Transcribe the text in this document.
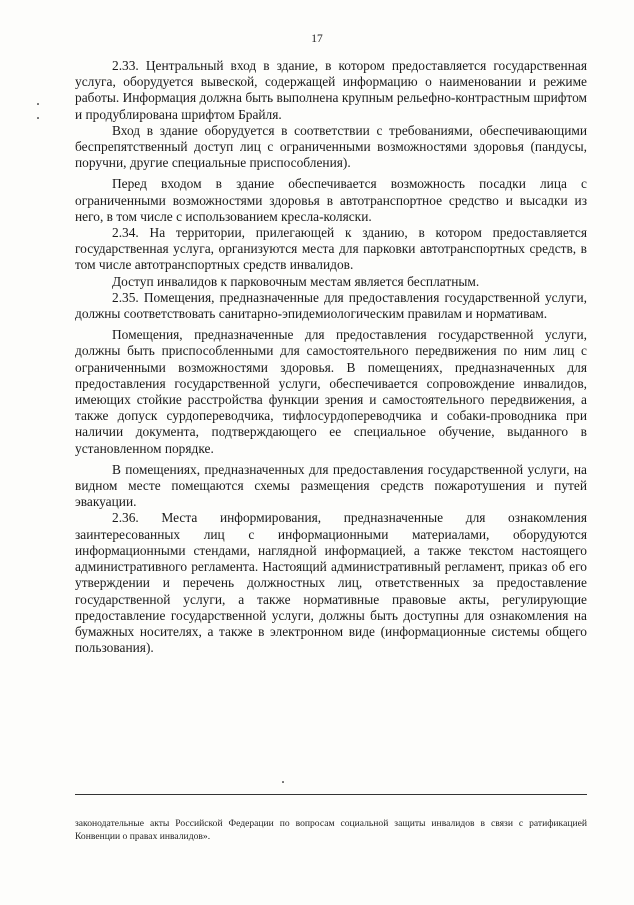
17

2.33. Центральный вход в здание, в котором предоставляется государственная услуга, оборудуется вывеской, содержащей информацию о наименовании и режиме работы. Информация должна быть выполнена крупным рельефно-контрастным шрифтом и продублирована шрифтом Брайля.

Вход в здание оборудуется в соответствии с требованиями, обеспечивающими беспрепятственный доступ лиц с ограниченными возможностями здоровья (пандусы, поручни, другие специальные приспособления).

Перед входом в здание обеспечивается возможность посадки лица с ограниченными возможностями здоровья в автотранспортное средство и высадки из него, в том числе с использованием кресла-коляски.

2.34. На территории, прилегающей к зданию, в котором предоставляется государственная услуга, организуются места для парковки автотранспортных средств, в том числе автотранспортных средств инвалидов.

Доступ инвалидов к парковочным местам является бесплатным.

2.35. Помещения, предназначенные для предоставления государственной услуги, должны соответствовать санитарно-эпидемиологическим правилам и нормативам.

Помещения, предназначенные для предоставления государственной услуги, должны быть приспособленными для самостоятельного передвижения по ним лиц с ограниченными возможностями здоровья. В помещениях, предназначенных для предоставления государственной услуги, обеспечивается сопровождение инвалидов, имеющих стойкие расстройства функции зрения и самостоятельного передвижения, а также допуск сурдопереводчика, тифлосурдопереводчика и собаки-проводника при наличии документа, подтверждающего ее специальное обучение, выданного в установленном порядке.

В помещениях, предназначенных для предоставления государственной услуги, на видном месте помещаются схемы размещения средств пожаротушения и путей эвакуации.

2.36. Места информирования, предназначенные для ознакомления заинтересованных лиц с информационными материалами, оборудуются информационными стендами, наглядной информацией, а также текстом настоящего административного регламента. Настоящий административный регламент, приказ об его утверждении и перечень должностных лиц, ответственных за предоставление государственной услуги, а также нормативные правовые акты, регулирующие предоставление государственной услуги, должны быть доступны для ознакомления на бумажных носителях, а также в электронном виде (информационные системы общего пользования).

законодательные акты Российской Федерации по вопросам социальной защиты инвалидов в связи с ратификацией Конвенции о правах инвалидов».
